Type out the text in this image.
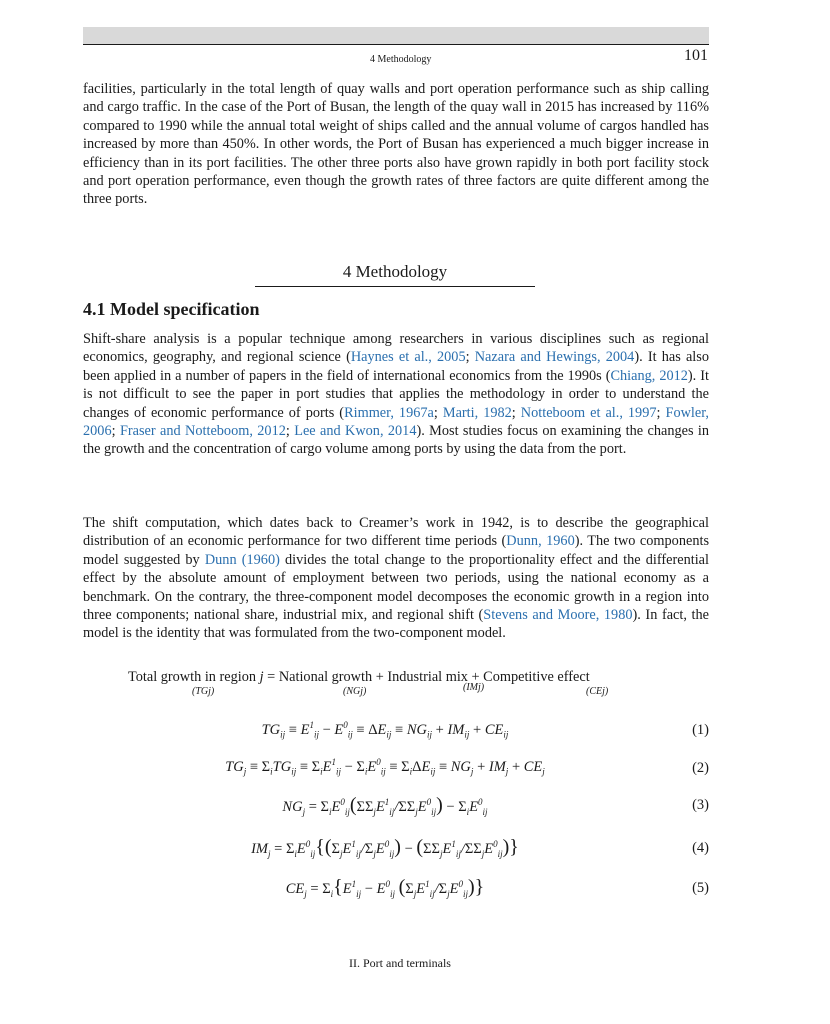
4 Methodology	101

facilities, particularly in the total length of quay walls and port operation performance such as ship calling and cargo traffic. In the case of the Port of Busan, the length of the quay wall in 2015 has increased by 116% compared to 1990 while the annual total weight of ships called and the annual volume of cargos handled has increased by more than 450%. In other words, the Port of Busan has experienced a much bigger increase in efficiency than in its port facilities. The other three ports also have grown rapidly in both port facility stock and port operation performance, even though the growth rates of three factors are quite different among the three ports.

4 Methodology
4.1 Model specification

Shift-share analysis is a popular technique among researchers in various disciplines such as regional economics, geography, and regional science (Haynes et al., 2005; Nazara and Hewings, 2004). It has also been applied in a number of papers in the field of international economics from the 1990s (Chiang, 2012). It is not difficult to see the paper in port studies that applies the methodology in order to understand the changes of economic performance of ports (Rimmer, 1967a; Marti, 1982; Notteboom et al., 1997; Fowler, 2006; Fraser and Notteboom, 2012; Lee and Kwon, 2014). Most studies focus on examining the changes in the growth and the concentration of cargo volume among ports by using the data from the port.

The shift computation, which dates back to Creamer’s work in 1942, is to describe the geographical distribution of an economic performance for two different time periods (Dunn, 1960). The two components model suggested by Dunn (1960) divides the total change to the proportionality effect and the differential effect by the absolute amount of employment between two periods, using the national economy as a benchmark. On the contrary, the three-component model decomposes the economic growth in a region into three components; national share, industrial mix, and regional shift (Stevens and Moore, 1980). In fact, the model is the identity that was formulated from the two-component model.

Total growth in region j = National growth + Industrial mix + Competitive effect
(TGj)	(NGj)	(IMj)	(CEj)
$TG_{ij} \equiv E^1_{ij} - E^0_{ij} \equiv \Delta E_{ij} \equiv NG_{ij} + IM_{ij} + CE_{ij}$	(1)
$TG_j \equiv \Sigma_iTG_{ij} \equiv \Sigma_iE^1_{ij} - \Sigma_iE^0_{ij} \equiv \Sigma_i\Delta E_{ij} \equiv NG_j + IM_j + CE_j$	(2)
$NG_j = \Sigma_iE^0_{ij}(\Sigma\Sigma_jE^1_{ij}/\Sigma\Sigma_jE^0_{ij}) - \Sigma_iE^0_{ij}$	(3)
$IM_j = \Sigma_iE^0_{ij}\{(\Sigma_jE^1_{ij}/\Sigma_jE^0_{ij}) - (\Sigma\Sigma_jE^1_{ij}/\Sigma\Sigma_jE^0_{ij})\}$	(4)
$CE_j = \Sigma_i\{E^1_{ij} - E^0_{ij}$ $(\Sigma_jE^1_{ij}/\Sigma_jE^0_{ij})$}	(5)
II. Port and terminals
